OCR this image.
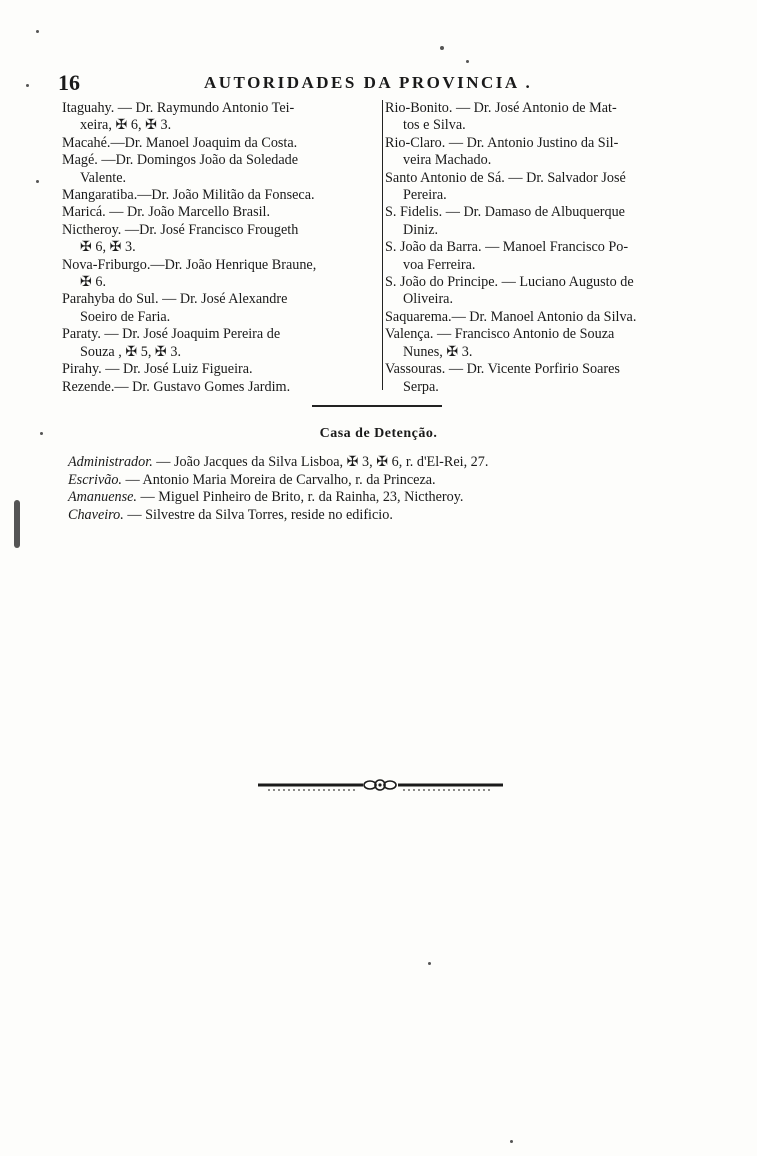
16	AUTORIDADES DA PROVINCIA .
Itaguahy. — Dr. Raymundo Antonio Tei-
xeira, ✠ 6, ✠ 3.
Macahé.—Dr. Manoel Joaquim da Costa.
Magé. —Dr. Domingos João da Soledade
Valente.
Mangaratiba.—Dr. João Militão da Fonseca.
Maricá. — Dr. João Marcello Brasil.
Nictheroy. —Dr. José Francisco Frougeth
✠ 6, ✠ 3.
Nova-Friburgo.—Dr. João Henrique Braune,
✠ 6.
Parahyba do Sul. — Dr. José Alexandre
Soeiro de Faria.
Paraty. — Dr. José Joaquim Pereira de
Souza , ✠ 5, ✠ 3.
Pirahy. — Dr. José Luiz Figueira.
Rezende.— Dr. Gustavo Gomes Jardim.
Rio-Bonito. — Dr. José Antonio de Mat-
tos e Silva.
Rio-Claro. — Dr. Antonio Justino da Sil-
veira Machado.
Santo Antonio de Sá. — Dr. Salvador José
Pereira.
S. Fidelis. — Dr. Damaso de Albuquerque
Diniz.
S. João da Barra. — Manoel Francisco Po-
voa Ferreira.
S. João do Principe. — Luciano Augusto de
Oliveira.
Saquarema.— Dr. Manoel Antonio da Silva.
Valença. — Francisco Antonio de Souza
Nunes, ✠ 3.
Vassouras. — Dr. Vicente Porfirio Soares
Serpa.
Casa de Detenção.
Administrador. — João Jacques da Silva Lisboa, ✠ 3, ✠ 6, r. d'El-Rei, 27.
Escrivão. — Antonio Maria Moreira de Carvalho, r. da Princeza.
Amanuense. — Miguel Pinheiro de Brito, r. da Rainha, 23, Nictheroy.
Chaveiro. — Silvestre da Silva Torres, reside no edificio.
